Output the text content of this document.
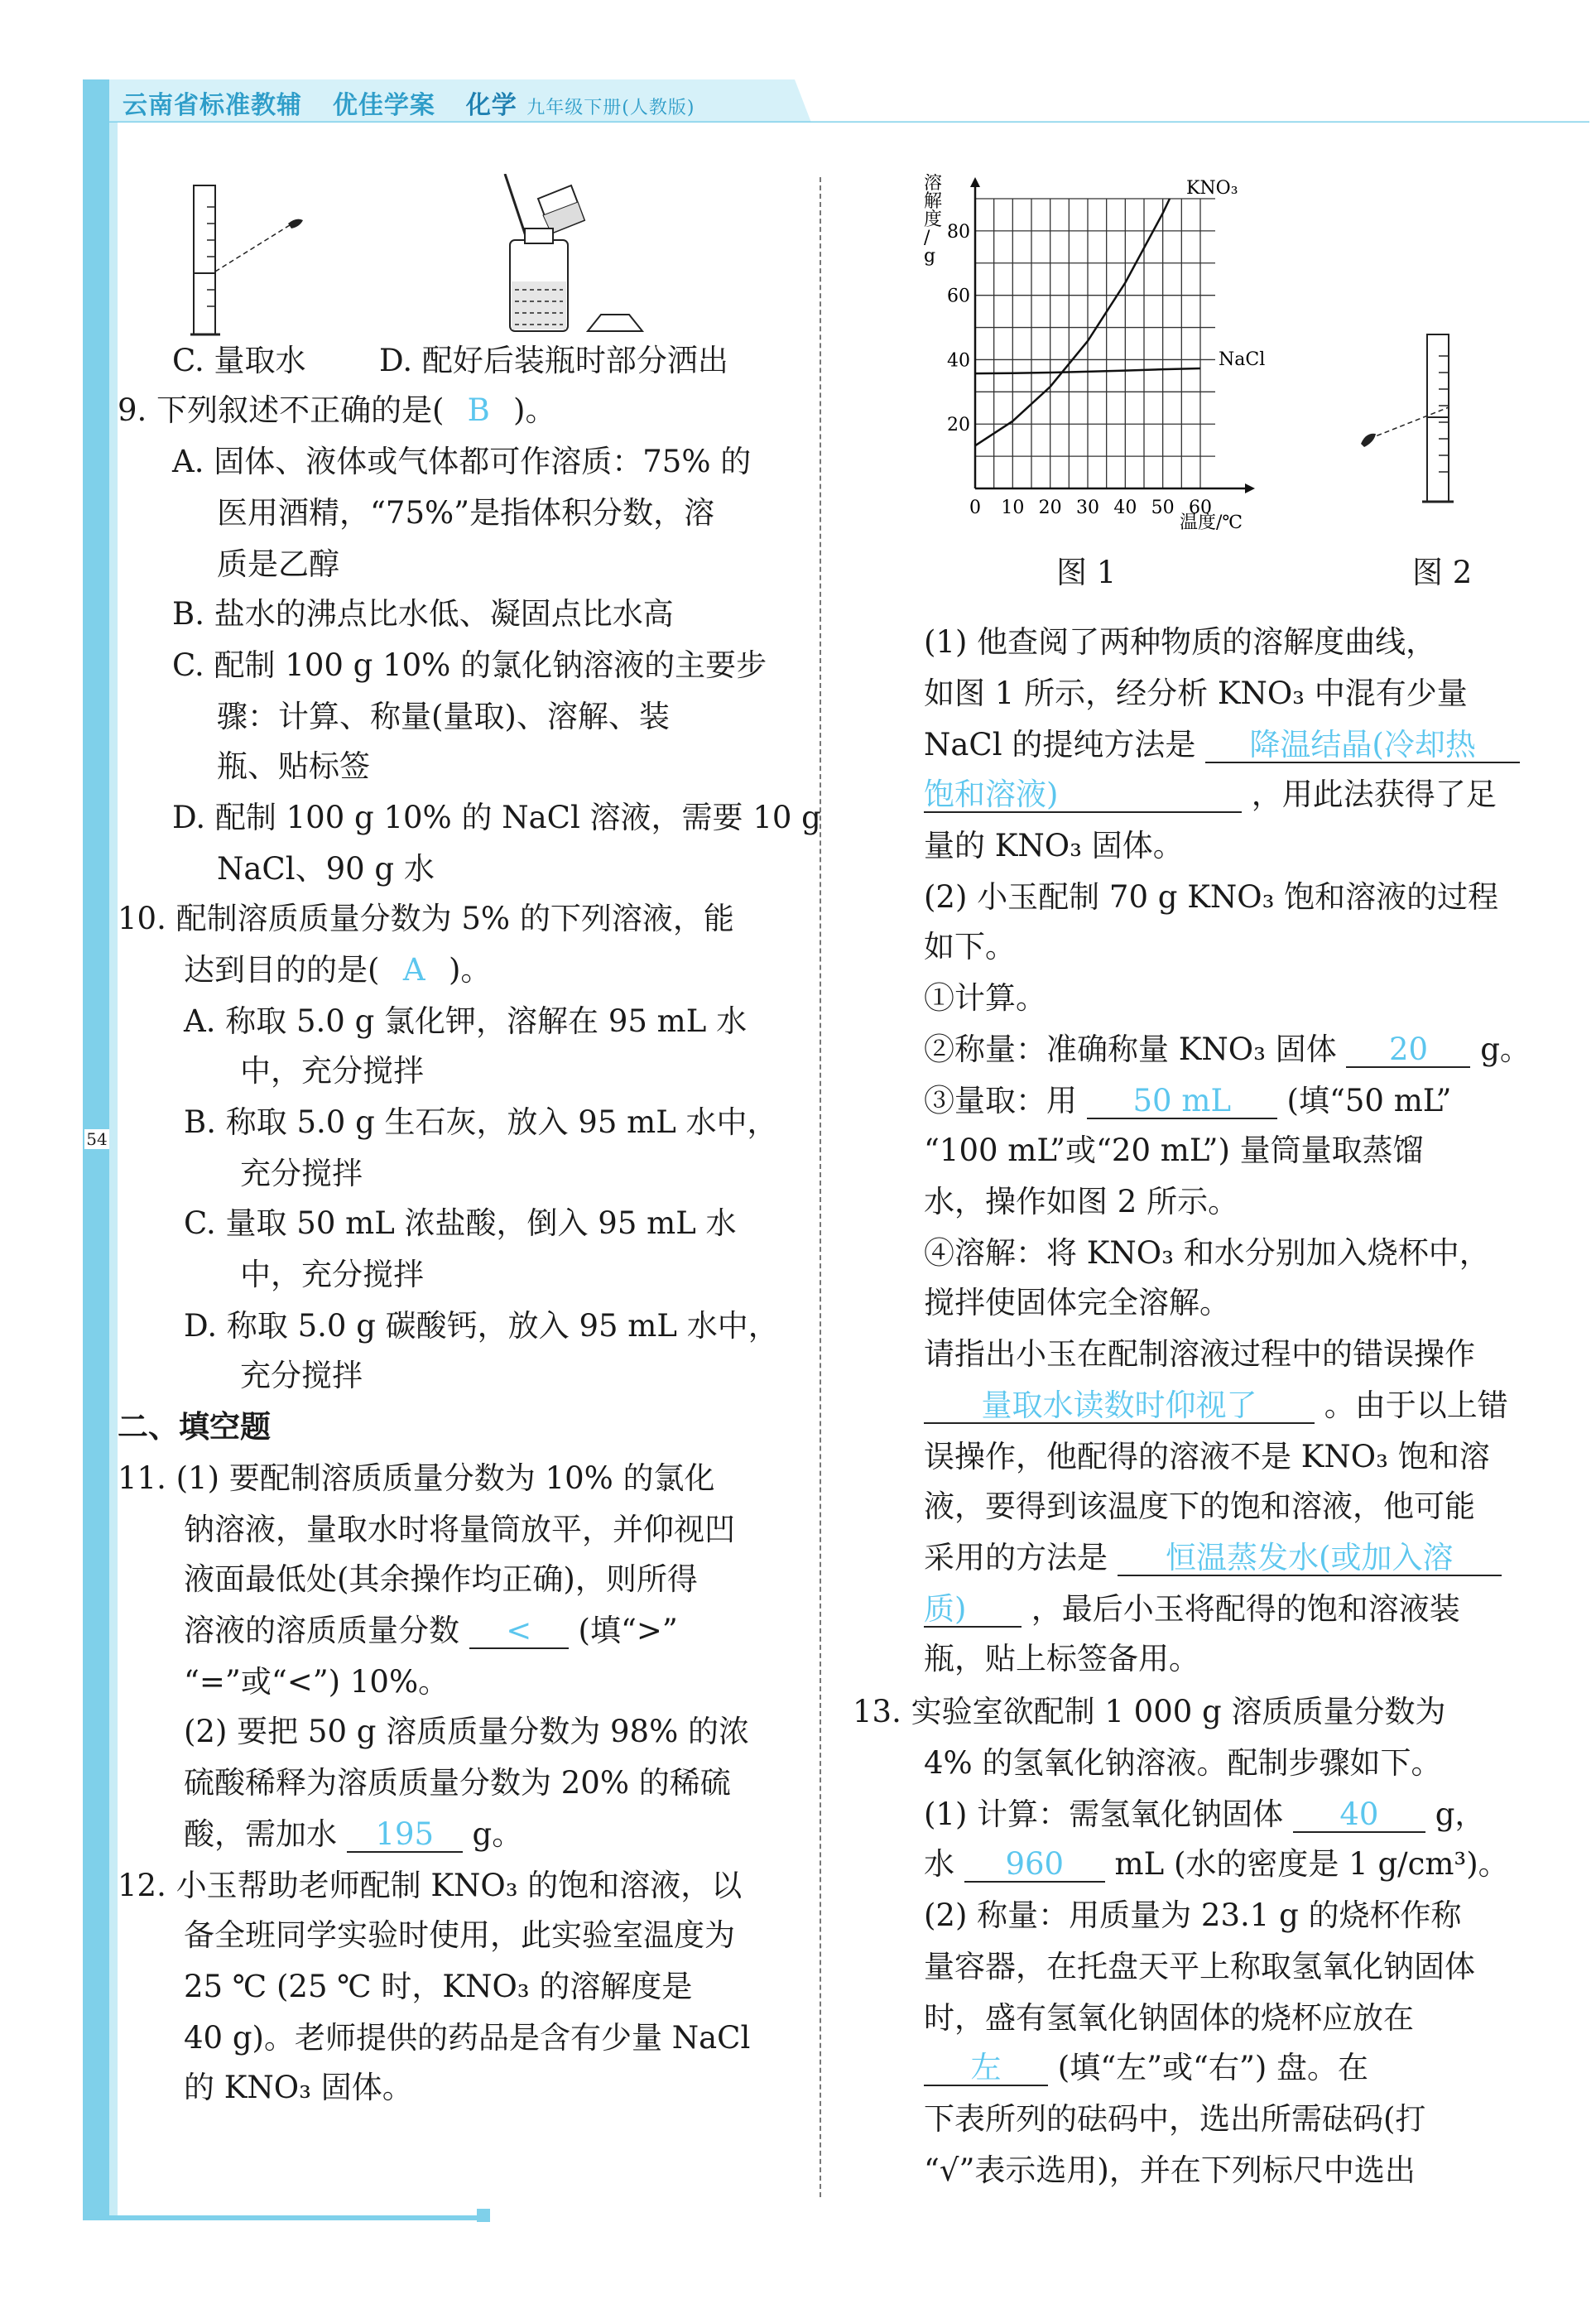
云南省标准教辅 优佳学案 化学 九年级下册(人教版)
54
C. 量取水 D. 配好后装瓶时部分洒出
9. 下列叙述不正确的是( B )。
A. 固体、液体或气体都可作溶质：75% 的
医用酒精，“75%”是指体积分数，溶
质是乙醇
B. 盐水的沸点比水低、凝固点比水高
C. 配制 100 g 10% 的氯化钠溶液的主要步
骤：计算、称量(量取)、溶解、装
瓶、贴标签
D. 配制 100 g 10% 的 NaCl 溶液，需要 10 g
NaCl、90 g 水
10. 配制溶质质量分数为 5% 的下列溶液，能
达到目的的是( A )。
A. 称取 5.0 g 氯化钾，溶解在 95 mL 水
中，充分搅拌
B. 称取 5.0 g 生石灰，放入 95 mL 水中，
充分搅拌
C. 量取 50 mL 浓盐酸，倒入 95 mL 水
中，充分搅拌
D. 称取 5.0 g 碳酸钙，放入 95 mL 水中，
充分搅拌
二、填空题
11. (1) 要配制溶质质量分数为 10% 的氯化
钠溶液，量取水时将量筒放平，并仰视凹
液面最低处(其余操作均正确)，则所得
溶液的溶质质量分数 < (填“>”
“=”或“<”) 10%。
(2) 要把 50 g 溶质质量分数为 98% 的浓
硫酸稀释为溶质质量分数为 20% 的稀硫
酸，需加水 195 g。
12. 小玉帮助老师配制 KNO₃ 的饱和溶液，以
备全班同学实验时使用，此实验室温度为
25 ℃ (25 ℃ 时，KNO₃ 的溶解度是
40 g)。老师提供的药品是含有少量 NaCl
的 KNO₃ 固体。
溶解度/ g
0 10 20 30 40 50 60
20
40
60
80
KNO₃
NaCl
温度/℃
图 1	图 2
(1) 他查阅了两种物质的溶解度曲线，
如图 1 所示，经分析 KNO₃ 中混有少量
NaCl 的提纯方法是 降温结晶(冷却热
饱和溶液)	，用此法获得了足
量的 KNO₃ 固体。
(2) 小玉配制 70 g KNO₃ 饱和溶液的过程
如下。
①计算。
②称量：准确称量 KNO₃ 固体 20 g。
③量取：用 50 mL (填“50 mL”
“100 mL”或“20 mL”) 量筒量取蒸馏
水，操作如图 2 所示。
④溶解：将 KNO₃ 和水分别加入烧杯中，
搅拌使固体完全溶解。
请指出小玉在配制溶液过程中的错误操作
量取水读数时仰视了 。由于以上错
误操作，他配得的溶液不是 KNO₃ 饱和溶
液，要得到该温度下的饱和溶液，他可能
采用的方法是 恒温蒸发水(或加入溶
质) ，最后小玉将配得的饱和溶液装
瓶，贴上标签备用。
13. 实验室欲配制 1 000 g 溶质质量分数为
4% 的氢氧化钠溶液。配制步骤如下。
(1) 计算：需氢氧化钠固体 40 g，
水 960 mL (水的密度是 1 g/cm³)。
(2) 称量：用质量为 23.1 g 的烧杯作称
量容器，在托盘天平上称取氢氧化钠固体
时，盛有氢氧化钠固体的烧杯应放在
左 (填“左”或“右”) 盘。在
下表所列的砝码中，选出所需砝码(打
“√”表示选用)，并在下列标尺中选出
